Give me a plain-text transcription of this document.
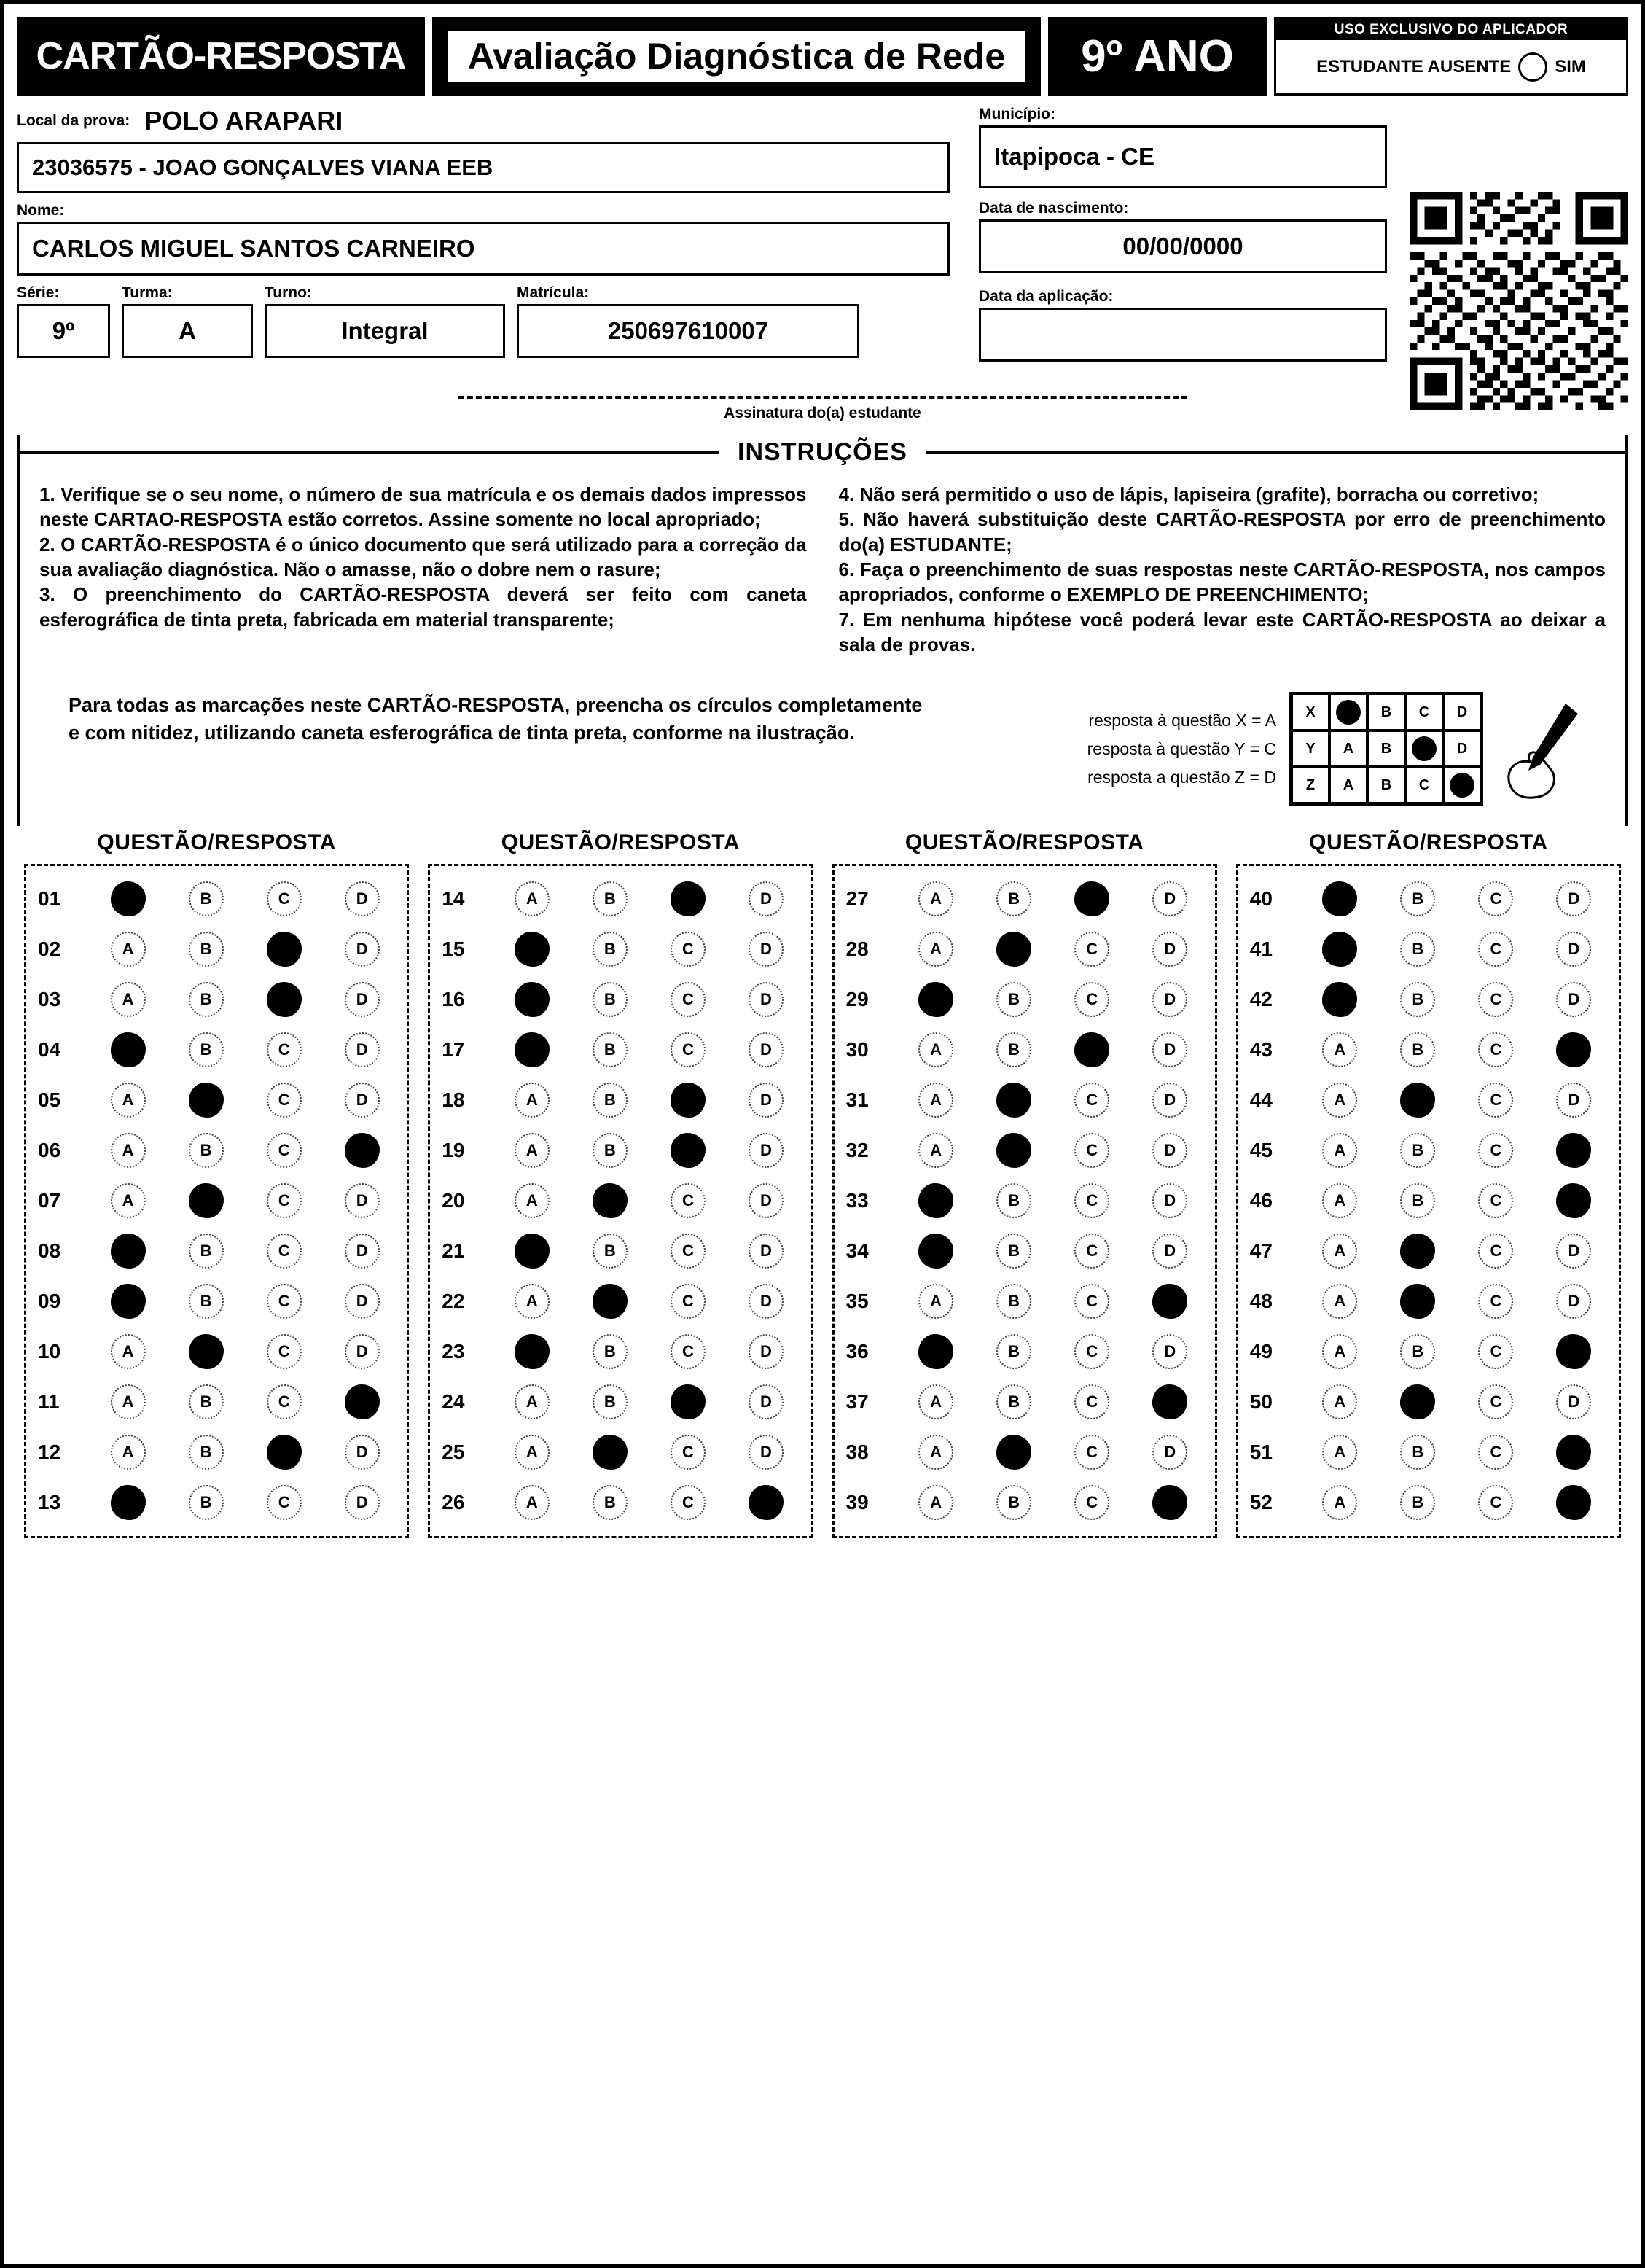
CARTÃO-RESPOSTA	Avaliação Diagnóstica de Rede	9º ANO
USO EXCLUSIVO DO APLICADOR
ESTUDANTE AUSENTE	SIM
Local da prova: POLO ARAPARI
23036575 - JOAO GONÇALVES VIANA EEB
Nome:
CARLOS MIGUEL SANTOS CARNEIRO
Série:
9º
Turma:
A
Turno:
Integral
Matrícula:
250697610007
Município:
Itapipoca - CE
Data de nascimento:
00/00/0000
Data da aplicação:
Assinatura do(a) estudante
INSTRUÇÕES

1. Verifique se o seu nome, o número de sua matrícula e os demais dados impressos neste CARTAO-RESPOSTA estão corretos. Assine somente no local apropriado;

2. O CARTÃO-RESPOSTA é o único documento que será utilizado para a correção da sua avaliação diagnóstica. Não o amasse, não o dobre nem o rasure;

3. O preenchimento do CARTÃO-RESPOSTA deverá ser feito com caneta esferográfica de tinta preta, fabricada em material transparente;

4. Não será permitido o uso de lápis, lapiseira (grafite), borracha ou corretivo;

5. Não haverá substituição deste CARTÃO-RESPOSTA por erro de preenchimento do(a) ESTUDANTE;

6. Faça o preenchimento de suas respostas neste CARTÃO-RESPOSTA, nos campos apropriados, conforme o EXEMPLO DE PREENCHIMENTO;

7. Em nenhuma hipótese você poderá levar este CARTÃO-RESPOSTA ao deixar a sala de provas.

Para todas as marcações neste CARTÃO-RESPOSTA, preencha os círculos completamente e com nitidez, utilizando caneta esferográfica de tinta preta, conforme na ilustração.
resposta à questão X = A
resposta à questão Y = C
resposta a questão Z = D
X		B	C	D
Y	A	B		D
Z	A	B	C	
QUESTÃO/RESPOSTA
01	B	C	D
02	A	B	D
03	A	B	D
04	B	C	D
05	A	C	D
06	A	B	C
07	A	C	D
08	B	C	D
09	B	C	D
10	A	C	D
11	A	B	C
12	A	B	D
13	B	C	D
QUESTÃO/RESPOSTA
14	A	B	D
15	B	C	D
16	B	C	D
17	B	C	D
18	A	B	D
19	A	B	D
20	A	C	D
21	B	C	D
22	A	C	D
23	B	C	D
24	A	B	D
25	A	C	D
26	A	B	C
QUESTÃO/RESPOSTA
27	A	B	D
28	A	C	D
29	B	C	D
30	A	B	D
31	A	C	D
32	A	C	D
33	B	C	D
34	B	C	D
35	A	B	C
36	B	C	D
37	A	B	C
38	A	C	D
39	A	B	C
QUESTÃO/RESPOSTA
40	B	C	D
41	B	C	D
42	B	C	D
43	A	B	C
44	A	C	D
45	A	B	C
46	A	B	C
47	A	C	D
48	A	C	D
49	A	B	C
50	A	C	D
51	A	B	C
52	A	B	C
